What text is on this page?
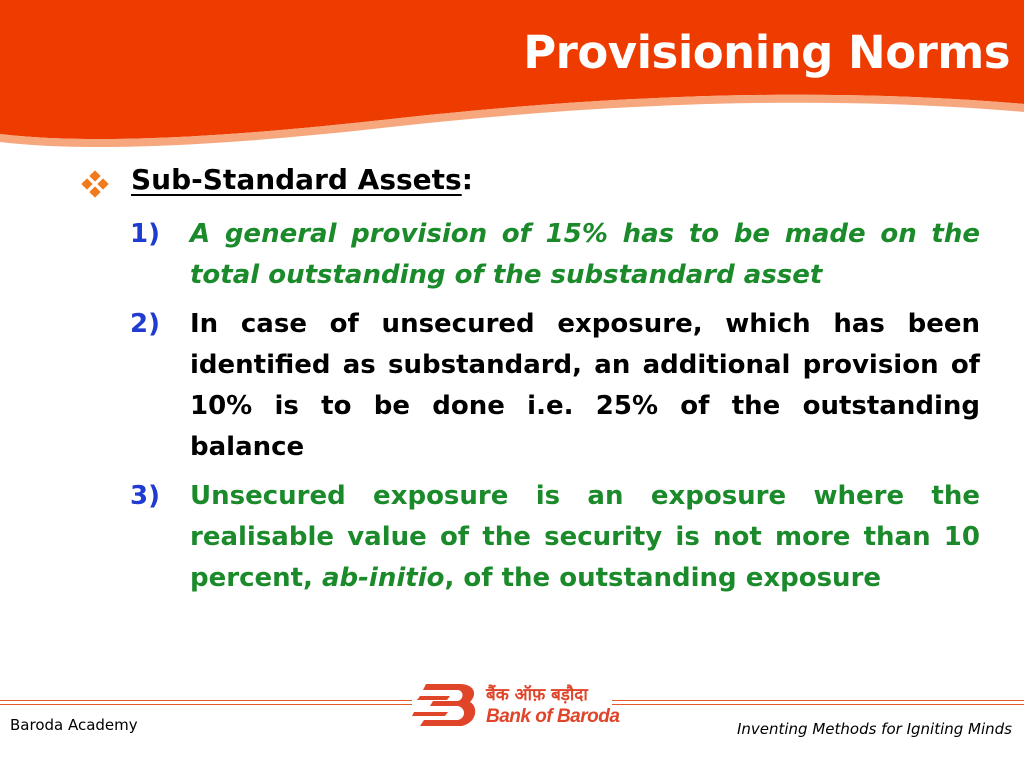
Provisioning Norms
Sub-Standard Assets:
1)	A general provision of 15% has to be made on the total outstanding of the substandard asset
2)	In case of unsecured exposure, which has been identified as substandard, an additional provision of 10% is to be done i.e. 25% of the outstanding balance
3)	Unsecured exposure is an exposure where the realisable value of the security is not more than 10 percent, ab-initio, of the outstanding exposure
बैंक ऑफ़ बड़ौदा
Bank of Baroda
Baroda Academy	Inventing Methods for Igniting Minds
